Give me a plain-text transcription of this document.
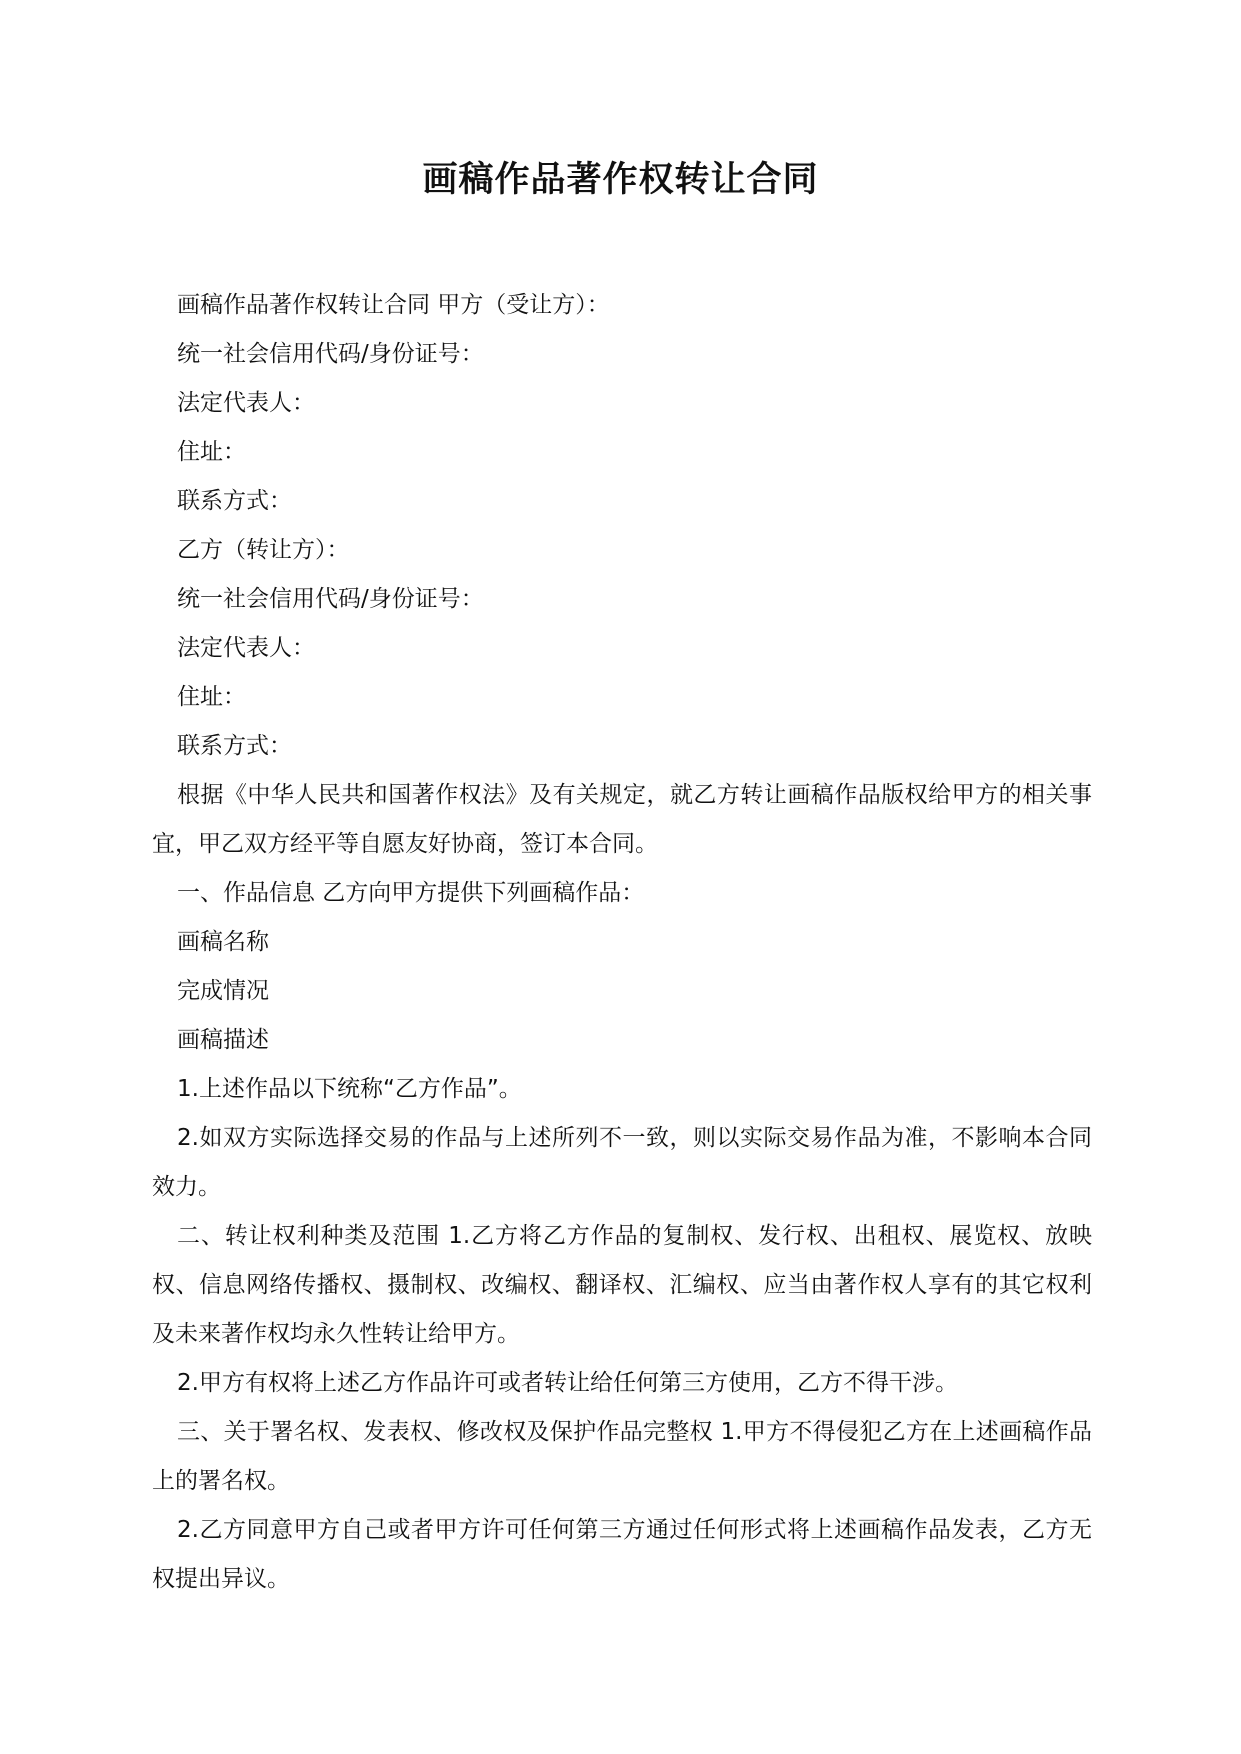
画稿作品著作权转让合同

画稿作品著作权转让合同 甲方（受让方）：

统一社会信用代码/身份证号：

法定代表人：

住址：

联系方式：

乙方（转让方）：

统一社会信用代码/身份证号：

法定代表人：

住址：

联系方式：

根据《中华人民共和国著作权法》及有关规定，就乙方转让画稿作品版权给甲方的相关事宜，甲乙双方经平等自愿友好协商，签订本合同。

一、作品信息 乙方向甲方提供下列画稿作品：

画稿名称

完成情况

画稿描述

1.上述作品以下统称“乙方作品”。

2.如双方实际选择交易的作品与上述所列不一致，则以实际交易作品为准，不影响本合同效力。

二、转让权利种类及范围 1.乙方将乙方作品的复制权、发行权、出租权、展览权、放映权、信息网络传播权、摄制权、改编权、翻译权、汇编权、应当由著作权人享有的其它权利及未来著作权均永久性转让给甲方。

2.甲方有权将上述乙方作品许可或者转让给任何第三方使用，乙方不得干涉。

三、关于署名权、发表权、修改权及保护作品完整权 1.甲方不得侵犯乙方在上述画稿作品上的署名权。

2.乙方同意甲方自己或者甲方许可任何第三方通过任何形式将上述画稿作品发表，乙方无权提出异议。
